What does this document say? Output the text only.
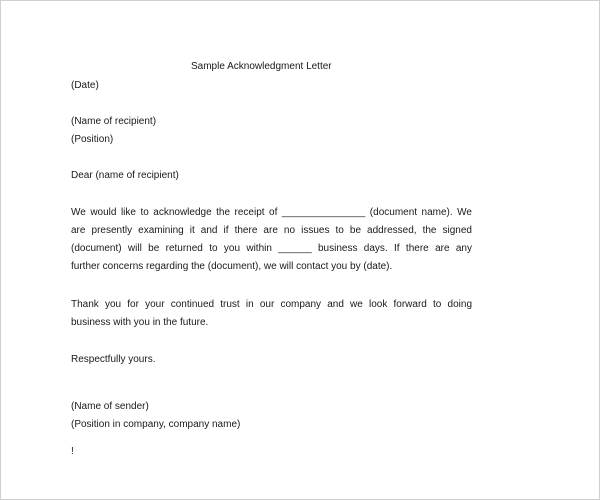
Sample Acknowledgment Letter
(Date)
(Name of recipient)
(Position)
Dear (name of recipient)
We would like to acknowledge the receipt of _______________ (document name). We
are presently examining it and if there are no issues to be addressed, the signed
(document) will be returned to you within ______ business days. If there are any
further concerns regarding the (document), we will contact you by (date).
Thank you for your continued trust in our company and we look forward to doing
business with you in the future.
Respectfully yours.
(Name of sender)
(Position in company, company name)
!
